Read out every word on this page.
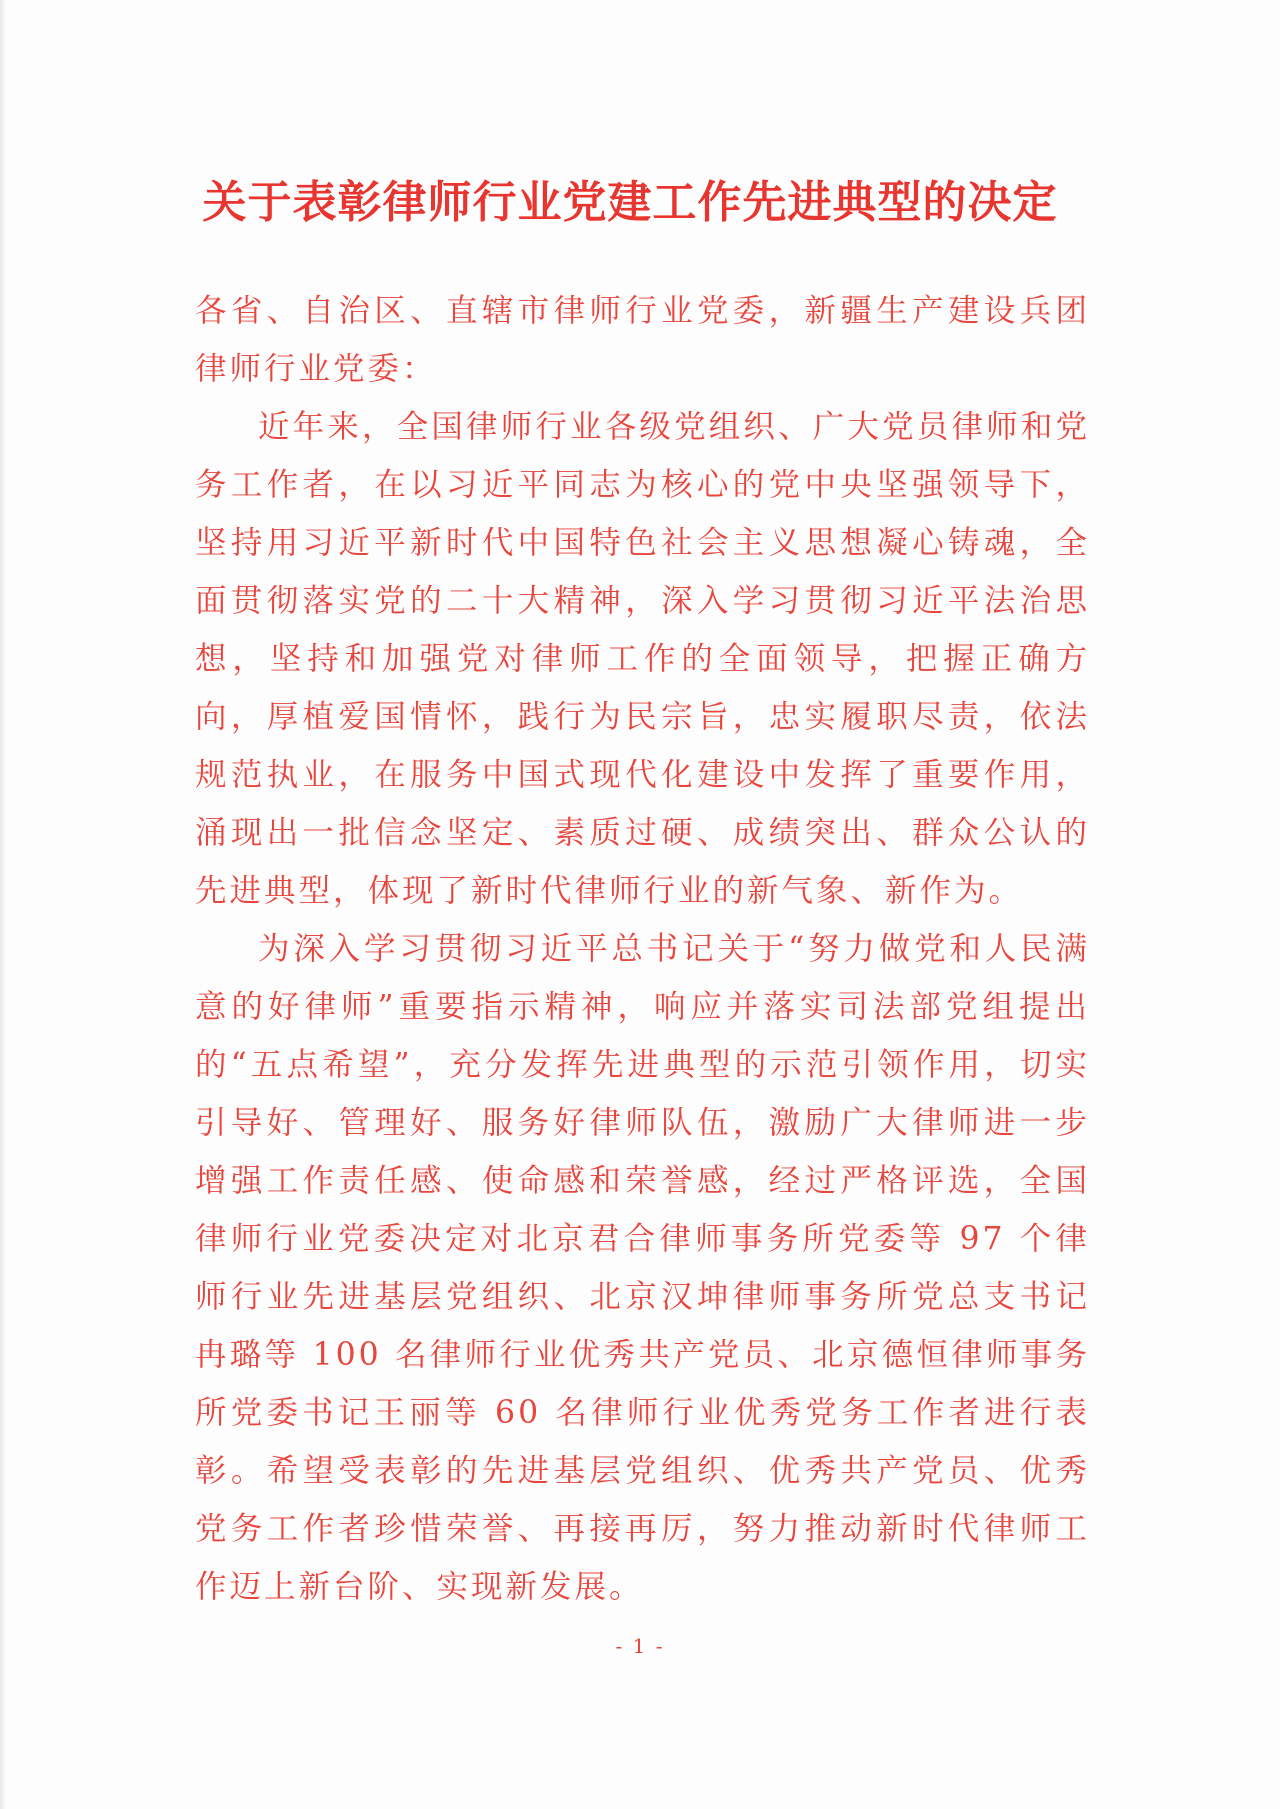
关于表彰律师行业党建工作先进典型的决定

各省、自治区、直辖市律师行业党委，新疆生产建设兵团律师行业党委：

近年来，全国律师行业各级党组织、广大党员律师和党务工作者，在以习近平同志为核心的党中央坚强领导下，坚持用习近平新时代中国特色社会主义思想凝心铸魂，全面贯彻落实党的二十大精神，深入学习贯彻习近平法治思想，坚持和加强党对律师工作的全面领导，把握正确方向，厚植爱国情怀，践行为民宗旨，忠实履职尽责，依法规范执业，在服务中国式现代化建设中发挥了重要作用，涌现出一批信念坚定、素质过硬、成绩突出、群众公认的先进典型，体现了新时代律师行业的新气象、新作为。

为深入学习贯彻习近平总书记关于“努力做党和人民满意的好律师”重要指示精神，响应并落实司法部党组提出的“五点希望”，充分发挥先进典型的示范引领作用，切实引导好、管理好、服务好律师队伍，激励广大律师进一步增强工作责任感、使命感和荣誉感，经过严格评选，全国律师行业党委决定对北京君合律师事务所党委等 97 个律师行业先进基层党组织、北京汉坤律师事务所党总支书记冉璐等 100 名律师行业优秀共产党员、北京德恒律师事务所党委书记王丽等 60 名律师行业优秀党务工作者进行表彰。希望受表彰的先进基层党组织、优秀共产党员、优秀党务工作者珍惜荣誉、再接再厉，努力推动新时代律师工作迈上新台阶、实现新发展。

- 1 -
